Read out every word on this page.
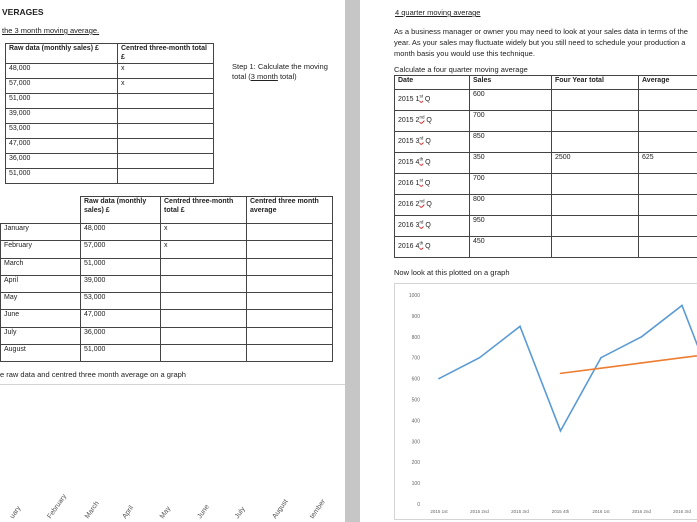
VERAGES
the 3 month moving average.
Raw data (monthly sales) £	Centred three-month total £
48,000	x
57,000	x
51,000	
39,000	
53,000	
47,000	
36,000	
51,000	
Step 1: Calculate the moving
total (3 month total)
	Raw data (monthly sales) £	Centred three-month total £	Centred three month average
January	48,000	x	
February	57,000	x	
March	51,000		
April	39,000		
May	53,000		
June	47,000		
July	36,000		
August	51,000		
e raw data and centred three month average on a graph
uary	February March	April	May	June	July	August	tember
4 quarter moving average
As a business manager or owner you may need to look at your sales data in terms of the
year. As your sales may fluctuate widely but you still need to schedule your production a
month basis you would use this technique.
Calculate a four quarter moving average
Date	Sales	Four Year total	Average
2015 1st Q	600		
2015 2nd Q	700		
2015 3rd Q	850		
2015 4th Q	350	2500	625
2016 1st Q	700		
2016 2nd Q	800		
2016 3rd Q	950		
2016 4th Q	450		
Now look at this plotted on a graph
0
100
200
300
400
500
600
700
800
900
1000
2015 1st	2015 2nd	2015 3rd	2015 4th	2016 1st	2016 2nd	2016 3rd
